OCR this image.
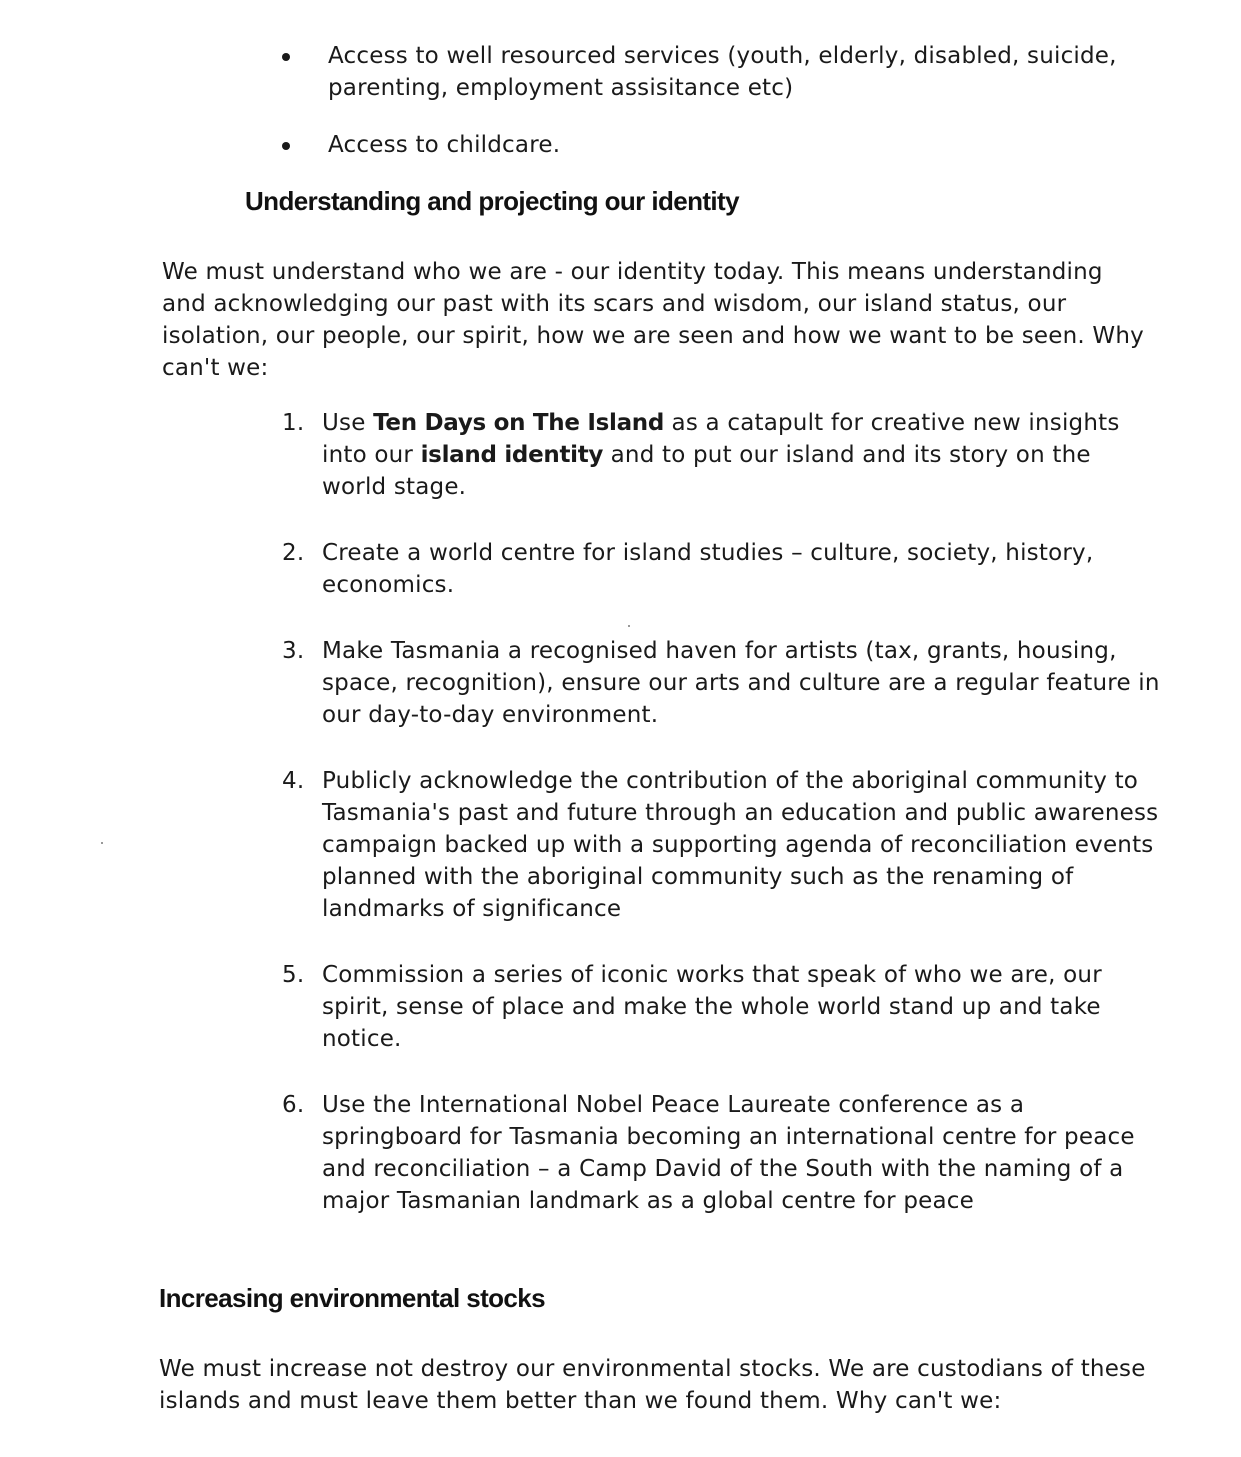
Access to well resourced services (youth, elderly, disabled, suicide, parenting, employment assisitance etc)
Access to childcare.
Understanding and projecting our identity

We must understand who we are - our identity today. This means understanding and acknowledging our past with its scars and wisdom, our island status, our isolation, our people, our spirit, how we are seen and how we want to be seen. Why can't we:

1. Use Ten Days on The Island as a catapult for creative new insights into our island identity and to put our island and its story on the world stage.
2. Create a world centre for island studies – culture, society, history, economics.
3. Make Tasmania a recognised haven for artists (tax, grants, housing, space, recognition), ensure our arts and culture are a regular feature in our day-to-day environment.
4. Publicly acknowledge the contribution of the aboriginal community to Tasmania's past and future through an education and public awareness campaign backed up with a supporting agenda of reconciliation events planned with the aboriginal community such as the renaming of landmarks of significance
5. Commission a series of iconic works that speak of who we are, our spirit, sense of place and make the whole world stand up and take notice.
6. Use the International Nobel Peace Laureate conference as a springboard for Tasmania becoming an international centre for peace and reconciliation – a Camp David of the South with the naming of a major Tasmanian landmark as a global centre for peace
Increasing environmental stocks

We must increase not destroy our environmental stocks. We are custodians of these islands and must leave them better than we found them. Why can't we:
